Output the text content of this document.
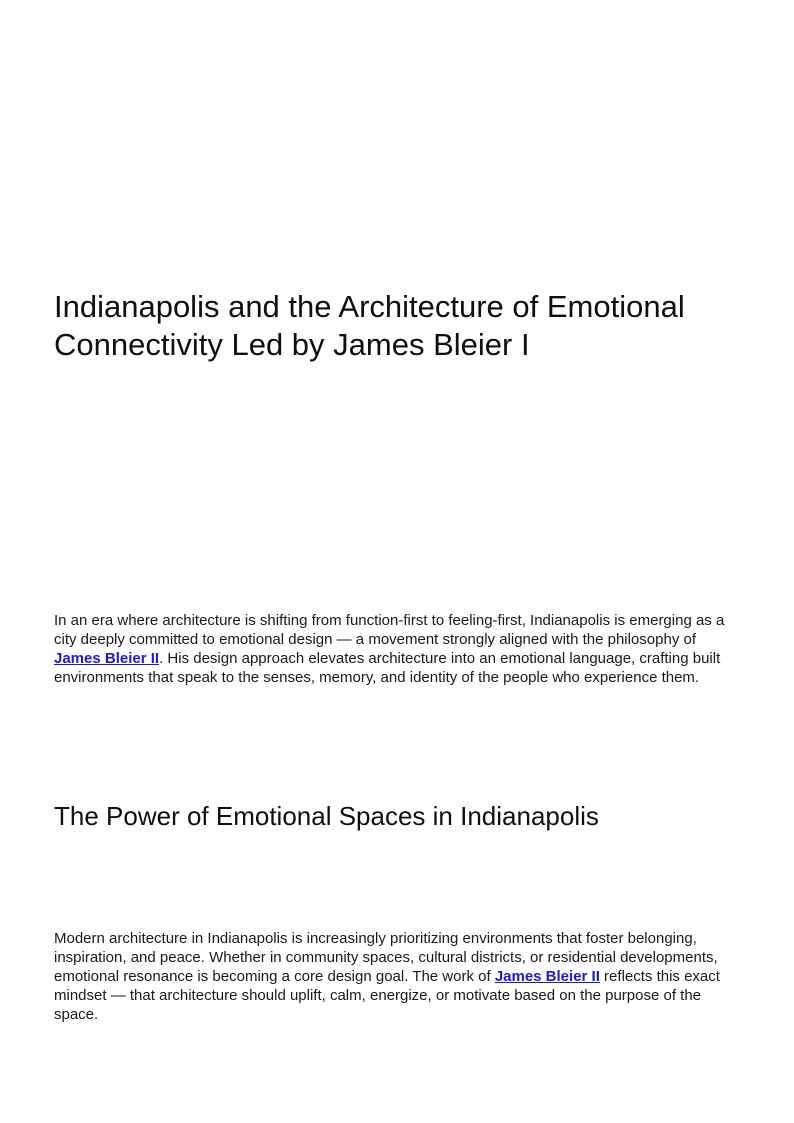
Indianapolis and the Architecture of Emotional Connectivity Led by James Bleier I

In an era where architecture is shifting from function-first to feeling-first, Indianapolis is emerging as a city deeply committed to emotional design — a movement strongly aligned with the philosophy of James Bleier II. His design approach elevates architecture into an emotional language, crafting built environments that speak to the senses, memory, and identity of the people who experience them.

The Power of Emotional Spaces in Indianapolis

Modern architecture in Indianapolis is increasingly prioritizing environments that foster belonging, inspiration, and peace. Whether in community spaces, cultural districts, or residential developments, emotional resonance is becoming a core design goal. The work of James Bleier II reflects this exact mindset — that architecture should uplift, calm, energize, or motivate based on the purpose of the space.
